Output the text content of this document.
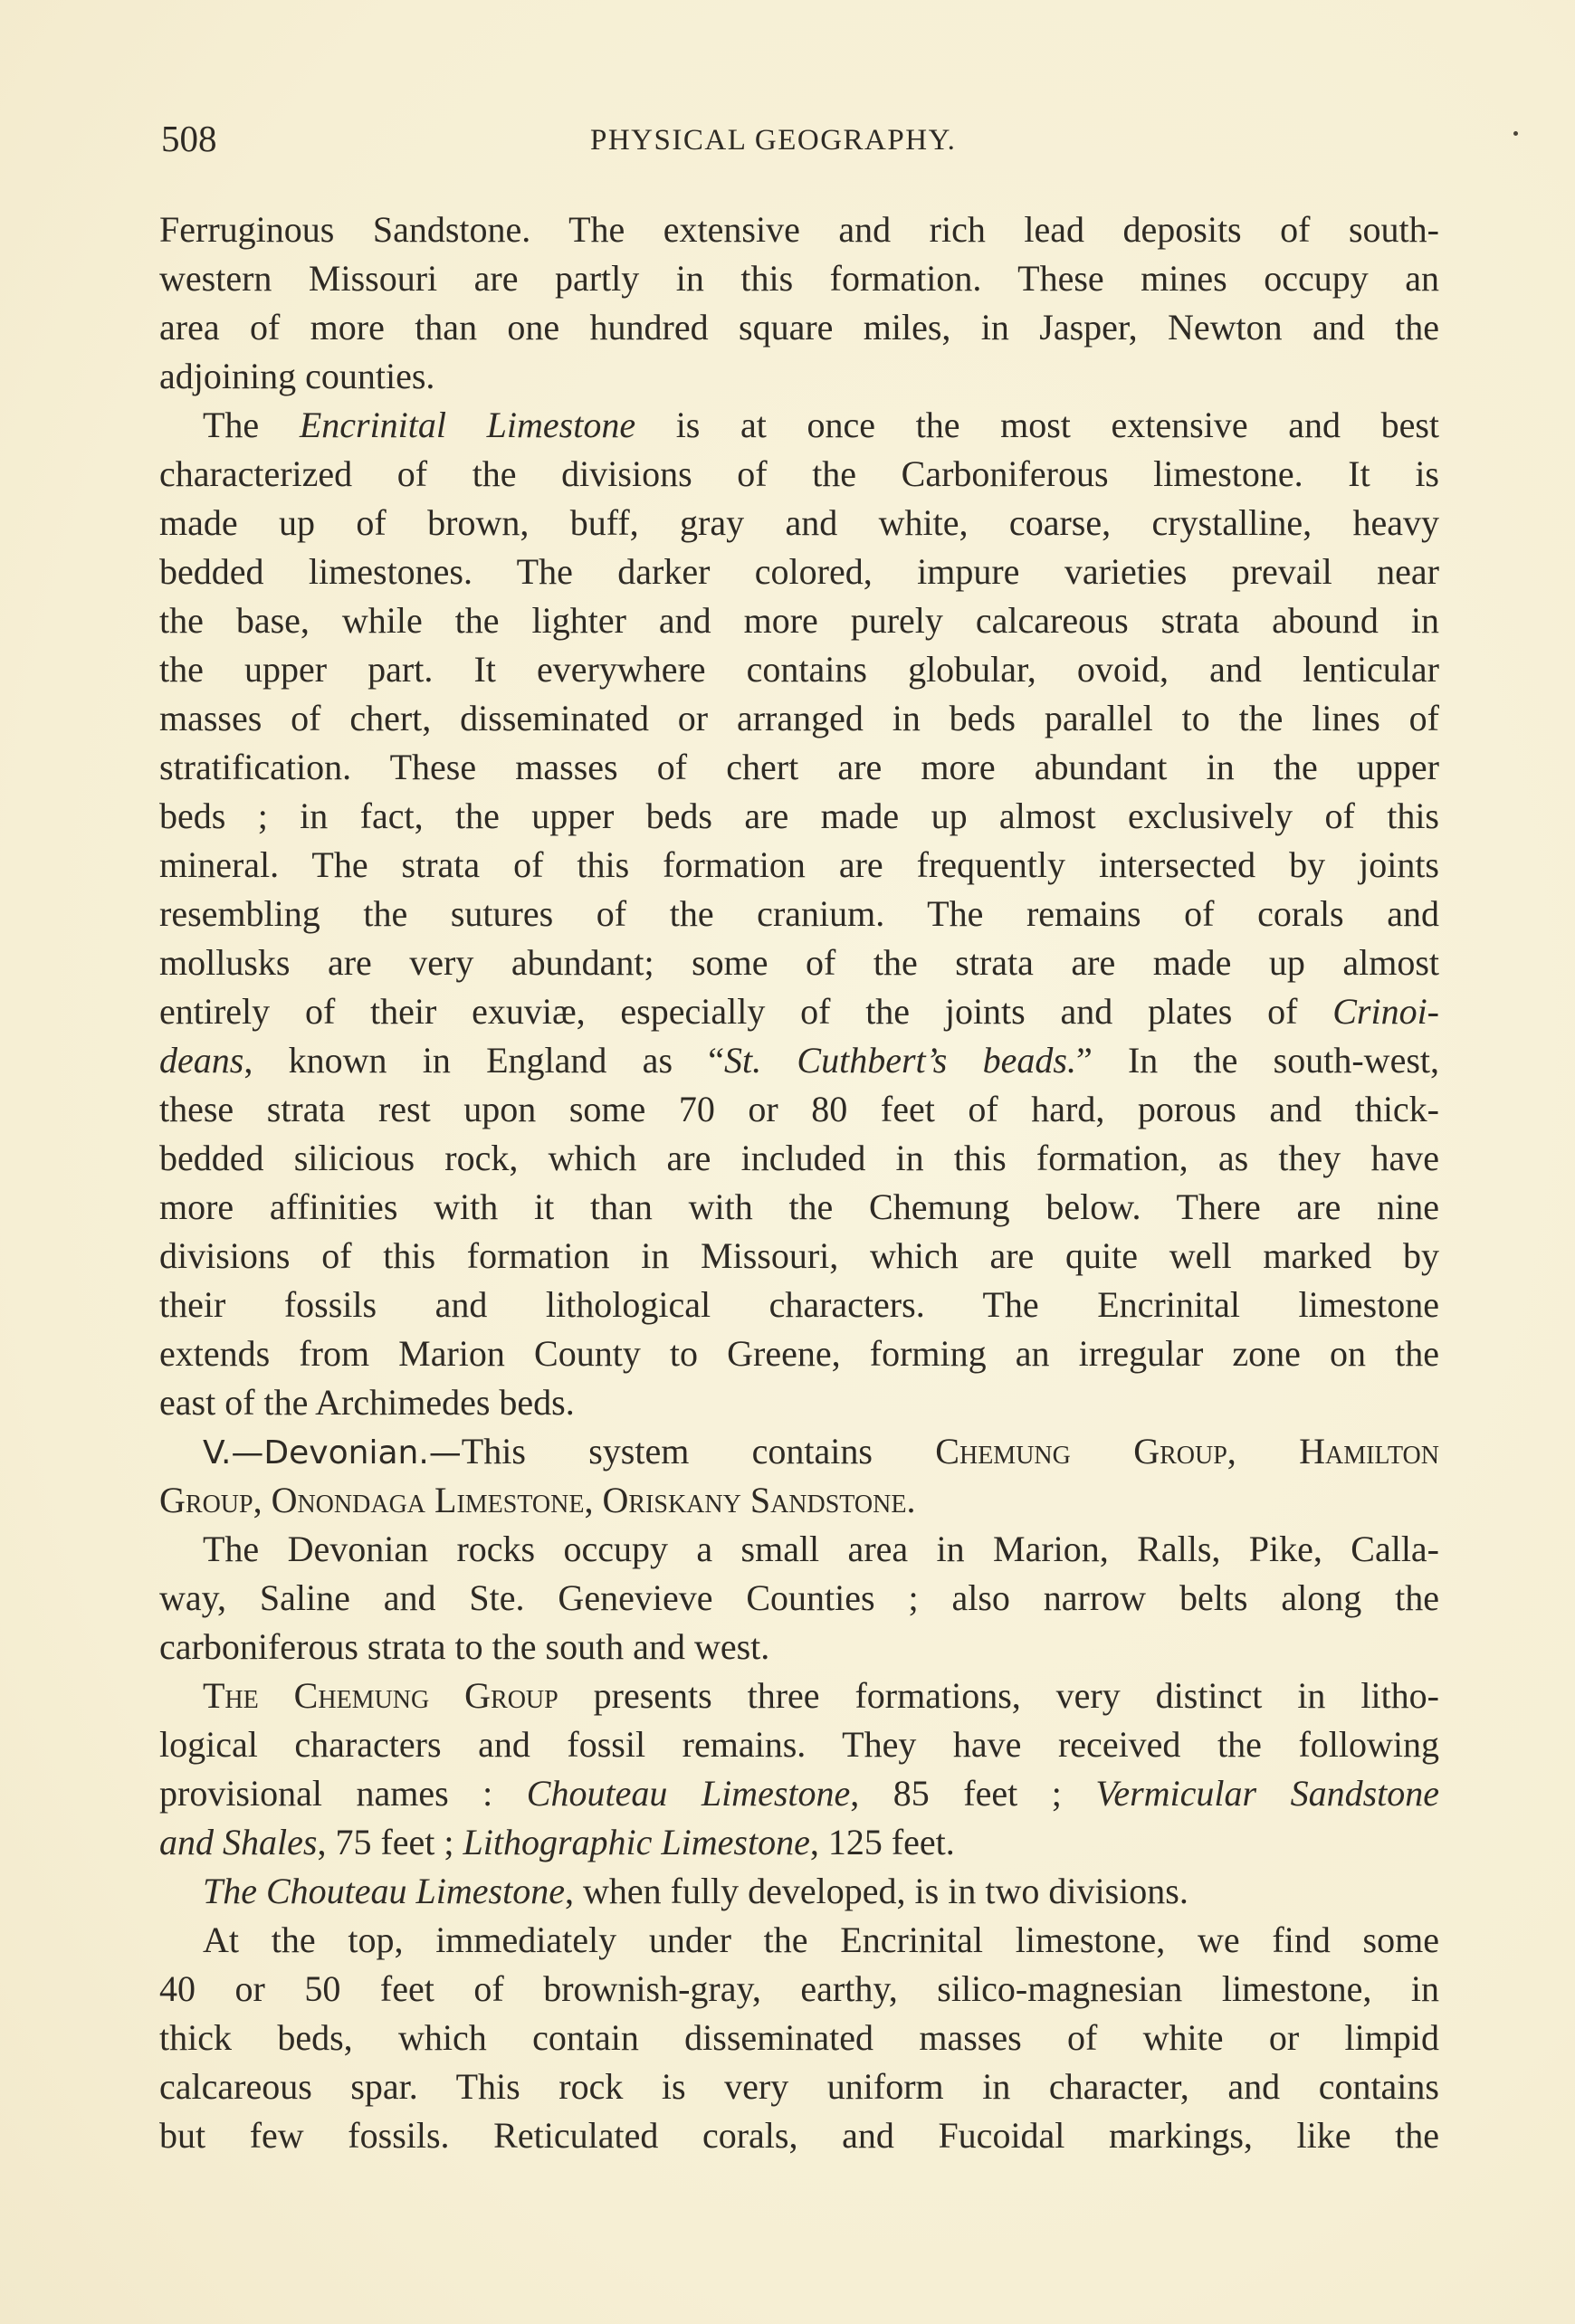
508	PHYSICAL GEOGRAPHY.
Ferruginous Sandstone. The extensive and rich lead deposits of south-
western Missouri are partly in this formation. These mines occupy an
area of more than one hundred square miles, in Jasper, Newton and the
adjoining counties.
The Encrinital Limestone is at once the most extensive and best
characterized of the divisions of the Carboniferous limestone. It is
made up of brown, buff, gray and white, coarse, crystalline, heavy
bedded limestones. The darker colored, impure varieties prevail near
the base, while the lighter and more purely calcareous strata abound in
the upper part. It everywhere contains globular, ovoid, and lenticular
masses of chert, disseminated or arranged in beds parallel to the lines of
stratification. These masses of chert are more abundant in the upper
beds ; in fact, the upper beds are made up almost exclusively of this
mineral. The strata of this formation are frequently intersected by joints
resembling the sutures of the cranium. The remains of corals and
mollusks are very abundant; some of the strata are made up almost
entirely of their exuviæ, especially of the joints and plates of Crinoi-
deans, known in England as “St. Cuthbert’s beads.” In the south-west,
these strata rest upon some 70 or 80 feet of hard, porous and thick-
bedded silicious rock, which are included in this formation, as they have
more affinities with it than with the Chemung below. There are nine
divisions of this formation in Missouri, which are quite well marked by
their fossils and lithological characters. The Encrinital limestone
extends from Marion County to Greene, forming an irregular zone on the
east of the Archimedes beds.
V.—Devonian.—This system contains Chemung Group, Hamilton
Group, Onondaga Limestone, Oriskany Sandstone.
The Devonian rocks occupy a small area in Marion, Ralls, Pike, Calla-
way, Saline and Ste. Genevieve Counties ; also narrow belts along the
carboniferous strata to the south and west.
The Chemung Group presents three formations, very distinct in litho-
logical characters and fossil remains. They have received the following
provisional names : Chouteau Limestone, 85 feet ; Vermicular Sandstone
and Shales, 75 feet ; Lithographic Limestone, 125 feet.
The Chouteau Limestone, when fully developed, is in two divisions.
At the top, immediately under the Encrinital limestone, we find some
40 or 50 feet of brownish-gray, earthy, silico-magnesian limestone, in
thick beds, which contain disseminated masses of white or limpid
calcareous spar. This rock is very uniform in character, and contains
but few fossils. Reticulated corals, and Fucoidal markings, like the
